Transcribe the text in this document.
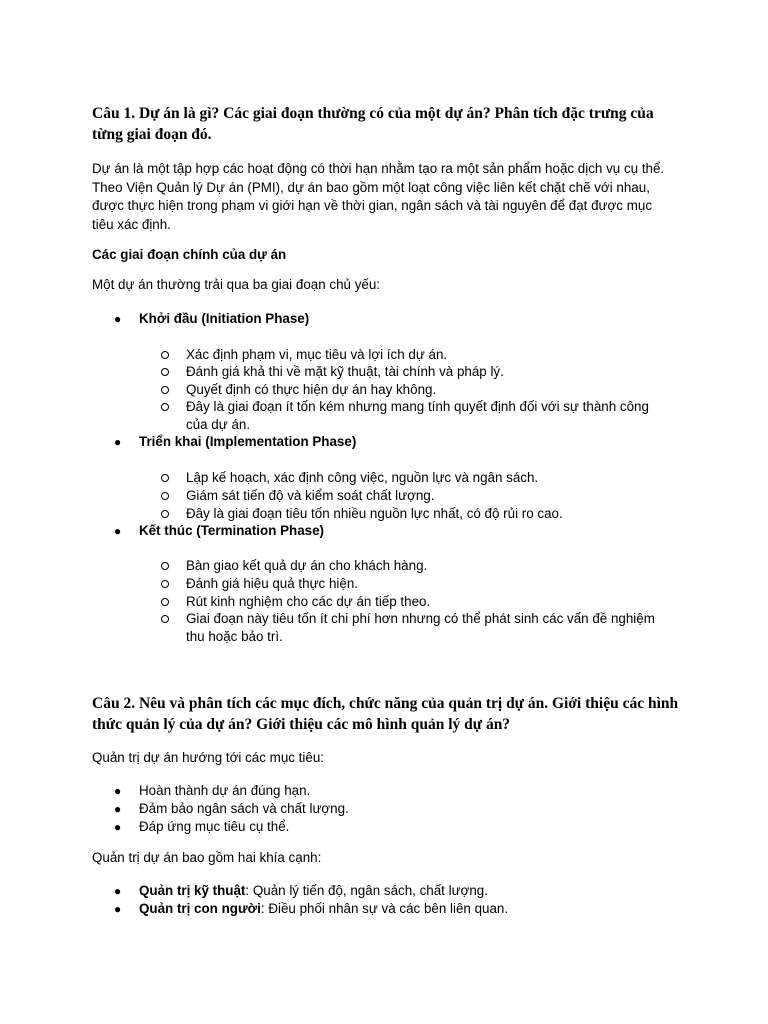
Câu 1. Dự án là gì? Các giai đoạn thường có của một dự án? Phân tích đặc trưng của từng giai đoạn đó.

Dự án là một tập hợp các hoạt động có thời hạn nhằm tạo ra một sản phẩm hoặc dịch vụ cụ thể. Theo Viện Quản lý Dự án (PMI), dự án bao gồm một loạt công việc liên kết chặt chẽ với nhau, được thực hiện trong phạm vi giới hạn về thời gian, ngân sách và tài nguyên để đạt được mục tiêu xác định.

Các giai đoạn chính của dự án

Một dự án thường trải qua ba giai đoạn chủ yếu:

● Khởi đầu (Initiation Phase)
Xác định phạm vi, mục tiêu và lợi ích dự án.
Đánh giá khả thi về mặt kỹ thuật, tài chính và pháp lý.
Quyết định có thực hiện dự án hay không.
Đây là giai đoạn ít tốn kém nhưng mang tính quyết định đối với sự thành công của dự án.
● Triển khai (Implementation Phase)
Lập kế hoạch, xác định công việc, nguồn lực và ngân sách.
Giám sát tiến độ và kiểm soát chất lượng.
Đây là giai đoạn tiêu tốn nhiều nguồn lực nhất, có độ rủi ro cao.
● Kết thúc (Termination Phase)
Bàn giao kết quả dự án cho khách hàng.
Đánh giá hiệu quả thực hiện.
Rút kinh nghiệm cho các dự án tiếp theo.
Giai đoạn này tiêu tốn ít chi phí hơn nhưng có thể phát sinh các vấn đề nghiệm thu hoặc bảo trì.
Câu 2. Nêu và phân tích các mục đích, chức năng của quản trị dự án. Giới thiệu các hình thức quản lý của dự án? Giới thiệu các mô hình quản lý dự án?

Quản trị dự án hướng tới các mục tiêu:

● Hoàn thành dự án đúng hạn.
● Đảm bảo ngân sách và chất lượng.
● Đáp ứng mục tiêu cụ thể.

Quản trị dự án bao gồm hai khía cạnh:

● Quản trị kỹ thuật: Quản lý tiến độ, ngân sách, chất lượng.
● Quản trị con người: Điều phối nhân sự và các bên liên quan.
